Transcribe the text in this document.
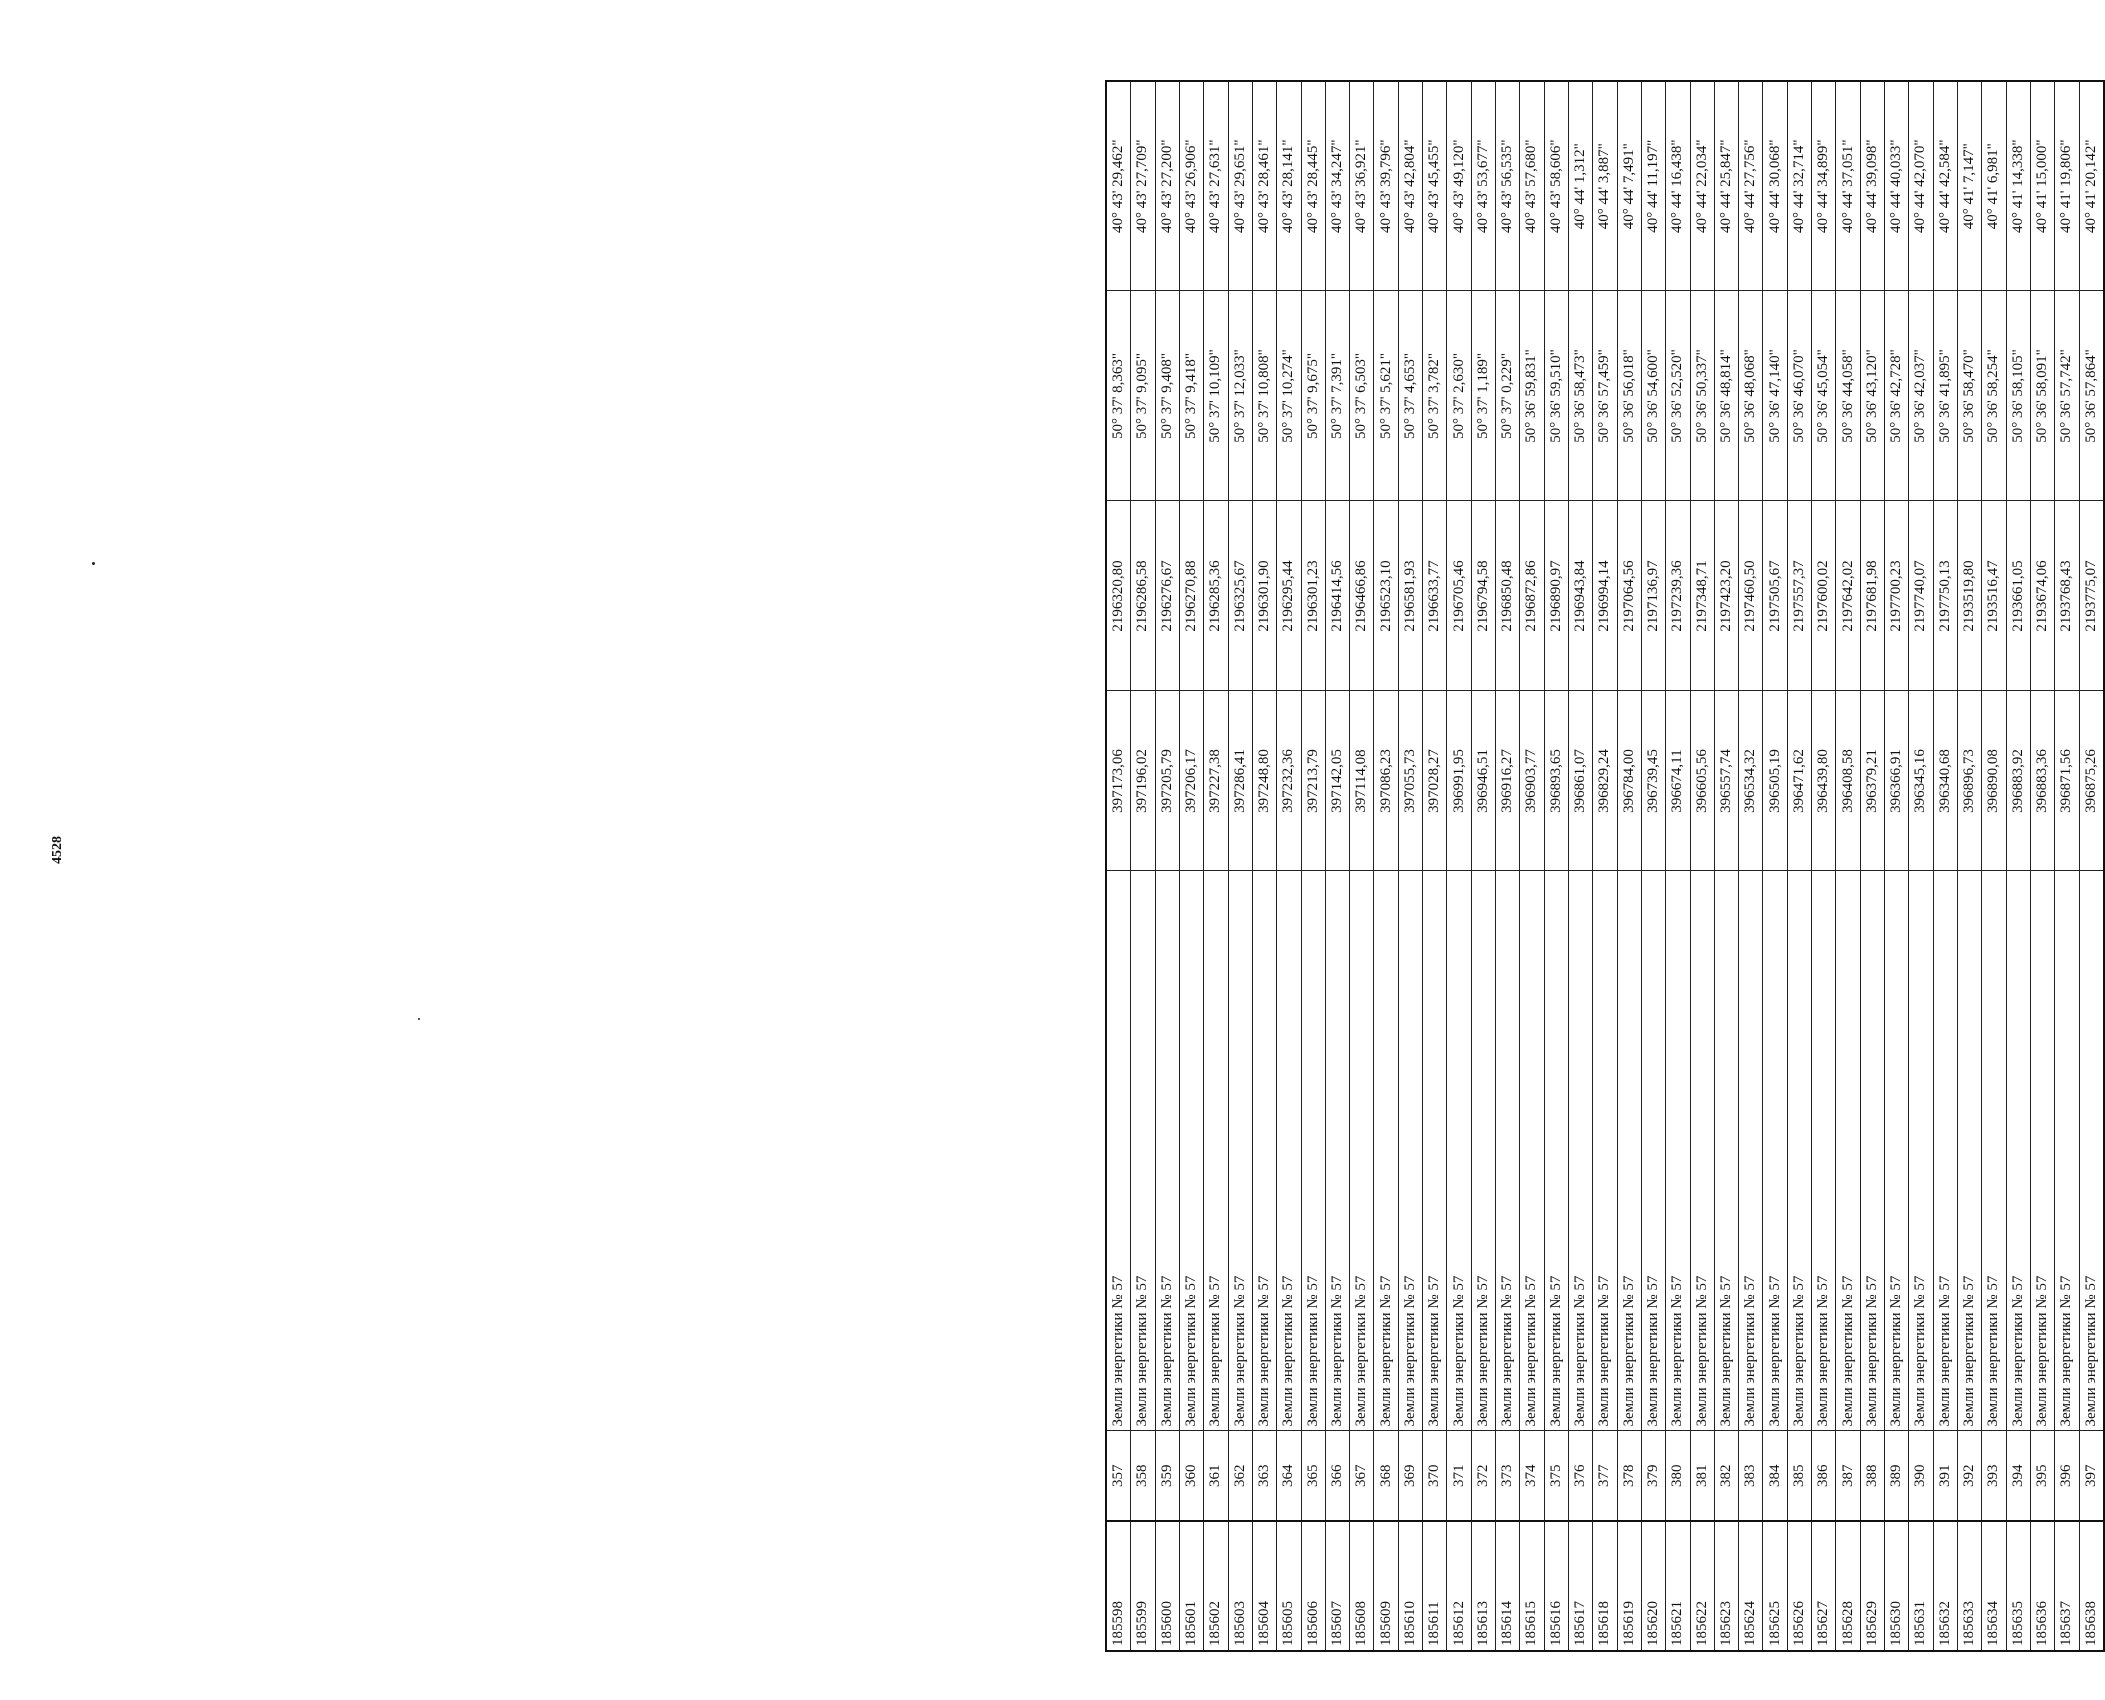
4528
185598	357	Земли энергетики № 57	397173,06	2196320,80	50° 37' 8,363"	40° 43' 29,462"
185599	358	Земли энергетики № 57	397196,02	2196286,58	50° 37' 9,095"	40° 43' 27,709"
185600	359	Земли энергетики № 57	397205,79	2196276,67	50° 37' 9,408"	40° 43' 27,200"
185601	360	Земли энергетики № 57	397206,17	2196270,88	50° 37' 9,418"	40° 43' 26,906"
185602	361	Земли энергетики № 57	397227,38	2196285,36	50° 37' 10,109"	40° 43' 27,631"
185603	362	Земли энергетики № 57	397286,41	2196325,67	50° 37' 12,033"	40° 43' 29,651"
185604	363	Земли энергетики № 57	397248,80	2196301,90	50° 37' 10,808"	40° 43' 28,461"
185605	364	Земли энергетики № 57	397232,36	2196295,44	50° 37' 10,274"	40° 43' 28,141"
185606	365	Земли энергетики № 57	397213,79	2196301,23	50° 37' 9,675"	40° 43' 28,445"
185607	366	Земли энергетики № 57	397142,05	2196414,56	50° 37' 7,391"	40° 43' 34,247"
185608	367	Земли энергетики № 57	397114,08	2196466,86	50° 37' 6,503"	40° 43' 36,921"
185609	368	Земли энергетики № 57	397086,23	2196523,10	50° 37' 5,621"	40° 43' 39,796"
185610	369	Земли энергетики № 57	397055,73	2196581,93	50° 37' 4,653"	40° 43' 42,804"
185611	370	Земли энергетики № 57	397028,27	2196633,77	50° 37' 3,782"	40° 43' 45,455"
185612	371	Земли энергетики № 57	396991,95	2196705,46	50° 37' 2,630"	40° 43' 49,120"
185613	372	Земли энергетики № 57	396946,51	2196794,58	50° 37' 1,189"	40° 43' 53,677"
185614	373	Земли энергетики № 57	396916,27	2196850,48	50° 37' 0,229"	40° 43' 56,535"
185615	374	Земли энергетики № 57	396903,77	2196872,86	50° 36' 59,831"	40° 43' 57,680"
185616	375	Земли энергетики № 57	396893,65	2196890,97	50° 36' 59,510"	40° 43' 58,606"
185617	376	Земли энергетики № 57	396861,07	2196943,84	50° 36' 58,473"	40° 44' 1,312"
185618	377	Земли энергетики № 57	396829,24	2196994,14	50° 36' 57,459"	40° 44' 3,887"
185619	378	Земли энергетики № 57	396784,00	2197064,56	50° 36' 56,018"	40° 44' 7,491"
185620	379	Земли энергетики № 57	396739,45	2197136,97	50° 36' 54,600"	40° 44' 11,197"
185621	380	Земли энергетики № 57	396674,11	2197239,36	50° 36' 52,520"	40° 44' 16,438"
185622	381	Земли энергетики № 57	396605,56	2197348,71	50° 36' 50,337"	40° 44' 22,034"
185623	382	Земли энергетики № 57	396557,74	2197423,20	50° 36' 48,814"	40° 44' 25,847"
185624	383	Земли энергетики № 57	396534,32	2197460,50	50° 36' 48,068"	40° 44' 27,756"
185625	384	Земли энергетики № 57	396505,19	2197505,67	50° 36' 47,140"	40° 44' 30,068"
185626	385	Земли энергетики № 57	396471,62	2197557,37	50° 36' 46,070"	40° 44' 32,714"
185627	386	Земли энергетики № 57	396439,80	2197600,02	50° 36' 45,054"	40° 44' 34,899"
185628	387	Земли энергетики № 57	396408,58	2197642,02	50° 36' 44,058"	40° 44' 37,051"
185629	388	Земли энергетики № 57	396379,21	2197681,98	50° 36' 43,120"	40° 44' 39,098"
185630	389	Земли энергетики № 57	396366,91	2197700,23	50° 36' 42,728"	40° 44' 40,033"
185631	390	Земли энергетики № 57	396345,16	2197740,07	50° 36' 42,037"	40° 44' 42,070"
185632	391	Земли энергетики № 57	396340,68	2197750,13	50° 36' 41,895"	40° 44' 42,584"
185633	392	Земли энергетики № 57	396896,73	2193519,80	50° 36' 58,470"	40° 41' 7,147"
185634	393	Земли энергетики № 57	396890,08	2193516,47	50° 36' 58,254"	40° 41' 6,981"
185635	394	Земли энергетики № 57	396883,92	2193661,05	50° 36' 58,105"	40° 41' 14,338"
185636	395	Земли энергетики № 57	396883,36	2193674,06	50° 36' 58,091"	40° 41' 15,000"
185637	396	Земли энергетики № 57	396871,56	2193768,43	50° 36' 57,742"	40° 41' 19,806"
185638	397	Земли энергетики № 57	396875,26	2193775,07	50° 36' 57,864"	40° 41' 20,142"
